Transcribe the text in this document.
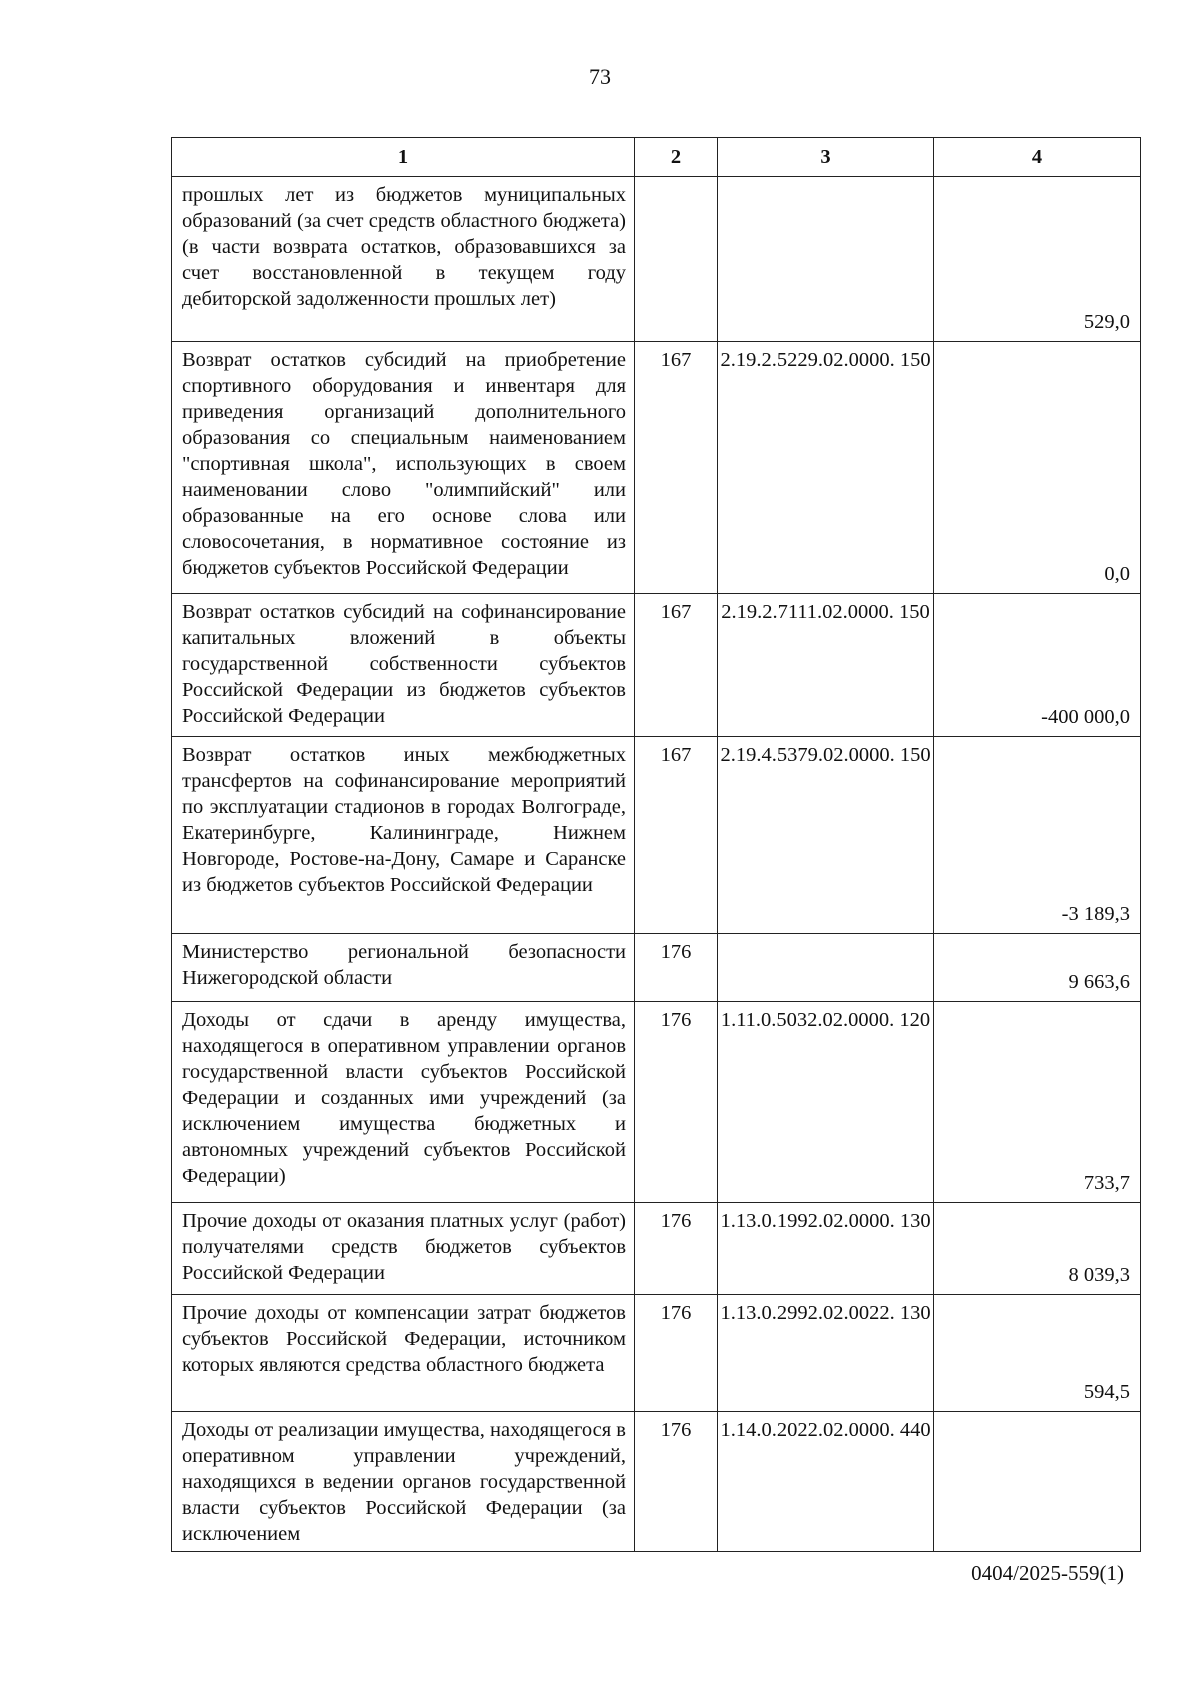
73
1	2	3	4

прошлых лет из бюджетов муниципальных образований (за счет средств областного бюджета) (в части возврата остатков, образовавшихся за счет восстановленной в текущем году дебиторской задолженности прошлых лет)			529,0

Возврат остатков субсидий на приобретение спортивного оборудования и инвентаря для приведения организаций дополнительного образования со специальным наименованием "спортивная школа", использующих в своем наименовании слово "олимпийский" или образованные на его основе слова или словосочетания, в нормативное состояние из бюджетов субъектов Российской Федерации	167	2.19.2.5229.02.0000. 150	0,0

Возврат остатков субсидий на софинансирование капитальных вложений в объекты государственной собственности субъектов Российской Федерации из бюджетов субъектов Российской Федерации	167	2.19.2.7111.02.0000. 150	-400 000,0

Возврат остатков иных межбюджетных трансфертов на софинансирование мероприятий по эксплуатации стадионов в городах Волгограде, Екатеринбурге, Калининграде, Нижнем Новгороде, Ростове-на-Дону, Самаре и Саранске из бюджетов субъектов Российской Федерации	167	2.19.4.5379.02.0000. 150	-3 189,3

Министерство региональной безопасности Нижегородской области	176		9 663,6

Доходы от сдачи в аренду имущества, находящегося в оперативном управлении органов государственной власти субъектов Российской Федерации и созданных ими учреждений (за исключением имущества бюджетных и автономных учреждений субъектов Российской Федерации)	176	1.11.0.5032.02.0000. 120	733,7

Прочие доходы от оказания платных услуг (работ) получателями средств бюджетов субъектов Российской Федерации	176	1.13.0.1992.02.0000. 130	8 039,3

Прочие доходы от компенсации затрат бюджетов субъектов Российской Федерации, источником которых являются средства областного бюджета	176	1.13.0.2992.02.0022. 130	594,5

Доходы от реализации имущества, находящегося в оперативном управлении учреждений, находящихся в ведении органов государственной власти субъектов Российской Федерации (за исключением	176	1.14.0.2022.02.0000. 440	
0404/2025-559(1)
